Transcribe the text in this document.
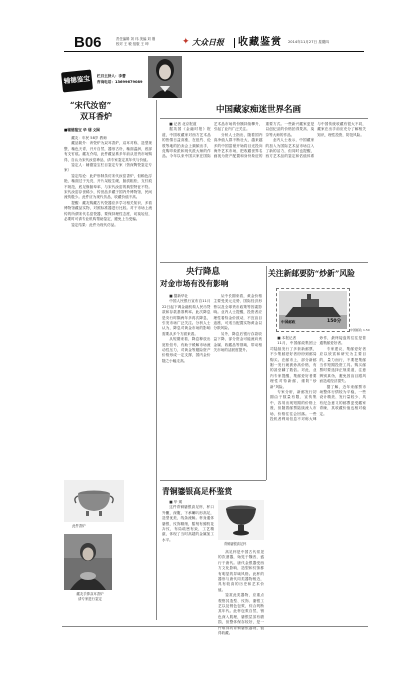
B06	责任编辑 刘 玮 美编 刘 刚
校对 王 敏 组版 王 坤	✦ 大众日报 收藏鉴赏 2014年11月27日 星期四
辅德鉴宝	栏目主持人：李蕾
咨询电话：13699679089
“宋代汝窑”
双耳香炉
■辅德鉴宝 华 翎 文图

藏友：年民 58岁 教师

藏品简介：该瓷炉为双耳香炉，双耳对称，造型规整，釉色天青，开片自然，器形古朴，釉面温润，底部有支钉痕。藏友介绍，此件藏品系多年前从旧货市场购得，自认为宋代汝窑珍品，请专家鉴定其年代与价值。

鉴定人：辅德鉴宝栏目鉴定专家（资深陶瓷鉴定专家）

鉴定结论：此炉形制虽仿宋代汝窑香炉，但釉色浮艳，釉面过于光亮，开片呆板生硬，胎质粗松，支钉痕不规范，底足修胎草率，与宋代汝窑的典型特征不符。宋代汝窑存世稀少，传世品多藏于国内外博物馆，民间流传极少。此件应为现代仿品，收藏价值不高。

提醒：藏友购藏古代瓷器应多学习相关知识，多看博物馆藏品实物，对照标准器进行比较。对于市场上流传的所谓宋代名窑瓷器，要保持理性态度，切莫轻信，必要时可请专业机构帮助鉴定，避免上当受骗。

鉴定结果：此件为现代仿品。

此件香炉
藏友手捧双耳香炉
请专家进行鉴定
中国藏家痴迷世界名画

■ 记者 北京报道

据英国《金融时报》报道，中国收藏家对西方艺术品的热情日益高涨，在纽约、伦敦等地的拍卖会上频频出手，竞购印象派和现代派大师的作品。今年以来中国买家在国际艺术品市场的份额持续攀升，引起了业内广泛关注。

分析人士指出，随着国内高净值人群不断壮大，越来越多的中国富豪开始将目光投向海外艺术市场，把收藏世界名画视为资产配置和身份象征的重要方式。一些新兴藏家更是以创纪录的价格拍得梵高、莫奈等大师的作品。

业内人士表示，中国藏家的加入为国际艺术品市场注入了新的活力，但同时也提醒，西方艺术品的鉴定和估值体系与中国传统收藏有很大不同，藏家在出手前应充分了解相关知识，理性投资，防范风险。

央行降息
对金市场有没有影响

■ 据新华社

中国人民银行宣布自11月22日起下调金融机构人民币贷款和存款基准利率。此次降息是央行时隔两年多再次降息，引发市场广泛关注。分析人士认为，降息对黄金市场的影响需要从多个方面来看。

从短期来看，降息释放出宽松信号，有助于缓解市场流动性压力，对黄金等避险资产价格形成一定支撑，国内金价随之小幅走高。

从中长期来看，黄金价格主要受美元走势、国际经济形势以及全球货币政策等因素影响。业内人士提醒，投资者应理性看待金价波动，不宜盲目追涨，可适当配置实物黄金以分散风险。

另外，降息后银行存款收益下降，部分资金可能流向贵金属、收藏品等领域，带动相关市场的活跃度提升。

关注新邮要防“炒新”风险
中国邮政	150分
中国邮政 1.50

■ 本报记者

11月，中国邮政集团公司陆续发行了多套新邮票，不少集邮爱好者纷纷到邮局购买。在邮市上，部分新邮刚一发行就被炒高价格，有的甚至翻了数倍。对此，业内专家提醒，集邮爱好者要理性对待新邮，谨防“炒新”风险。

专家分析，新邮发行初期由于数量有限、宣传集中，容易出现短期的价格上涨，但随着邮票陆续流入市场，价格往往会回落。一些投机者利用信息不对称大肆炒作，最终接盘的往往是普通集邮爱好者。

专家建议，集邮爱好者应以欣赏和研究为主要目的，量力而行，不要把集邮当作短期投资工具。购买邮票时要选择正规渠道，注意辨别真伪，避免因盲目跟风而造成经济损失。

据了解，近年来邮票市场整体行情较为平稳，一些设计精美、发行量较少、具有纪念意义的邮票更受藏家青睐，其收藏价值也相对稳定。

青铜鎏银高足杯鉴赏

■ 华 瑛

这件青铜鎏银高足杯，杯口外撇，深腹，下承喇叭形高足，造型优美，线条流畅。杯身通体鎏银，纹饰精细，錾刻有缠枝花卉纹，布局疏密有致，工艺精湛，体现了当时高超的金属加工水平。

青铜鎏银高足杯

高足杯是中国古代常见的饮酒器，始见于魏晋，盛行于唐代。唐代金银器受西方文化影响，造型和纹饰都有明显的异域风格。此杯的器形与唐代同类器物相近，具有较高的历史和艺术价值。

鉴赏此类器物，应重点观察其造型、纹饰、鎏银工艺以及锈色包浆，综合判断其年代。此杯包浆自然，锈色深入肌理，鎏银层虽有磨损，但整体保存较好，是一件难得的青铜鎏银器物，值得收藏。
